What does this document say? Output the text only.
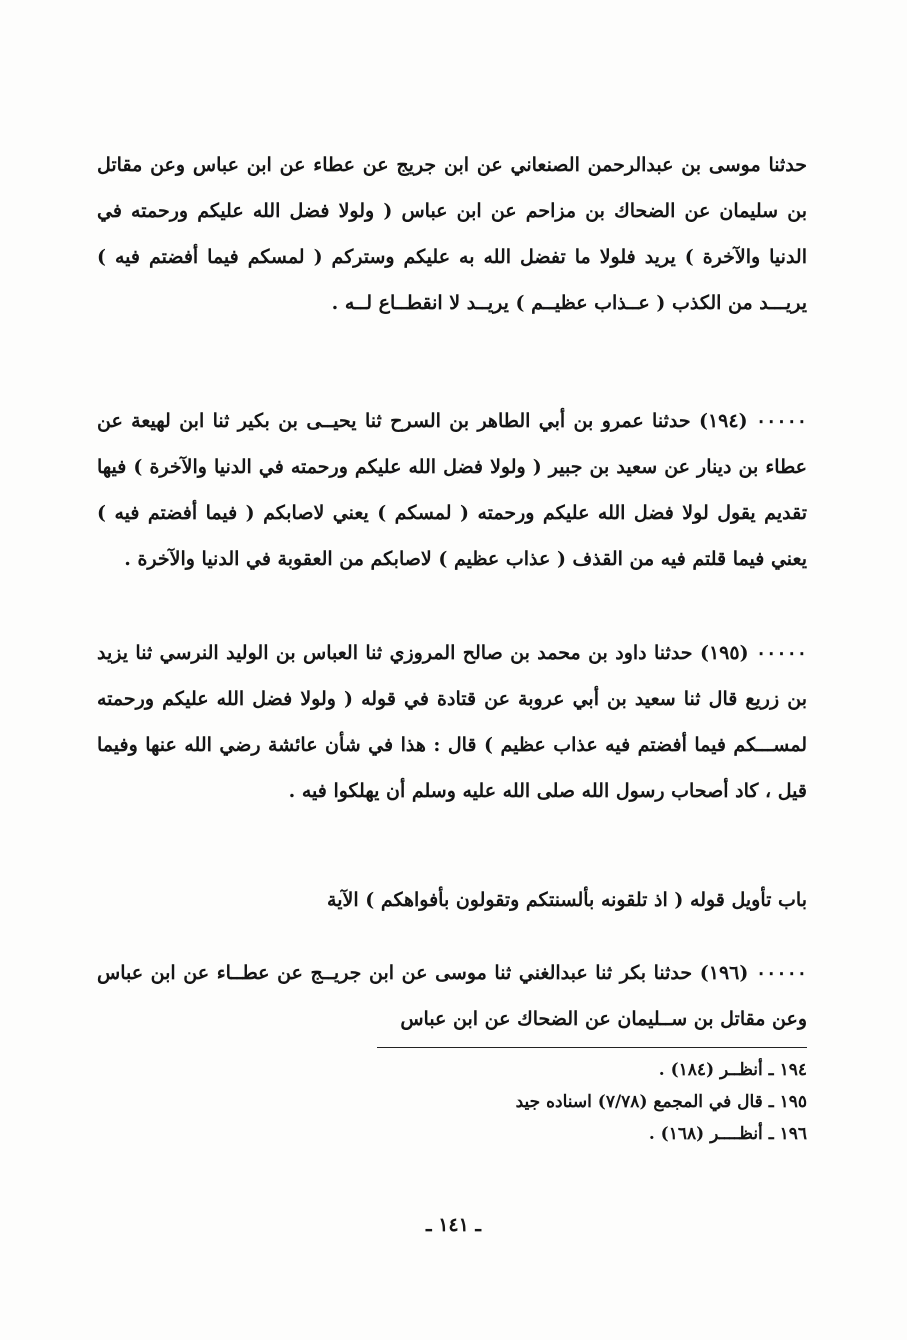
حدثنا موسى بن عبدالرحمن الصنعاني عن ابن جريج عن عطاء عن ابن عباس وعن مقاتل بن سليمان عن الضحاك بن مزاحم عن ابن عباس ( ولولا فضل الله عليكم ورحمته في الدنيا والآخرة ) يريد فلولا ما تفضل الله به عليكم وستركم ( لمسكم فيما أفضتم فيه ) يريـــد من الكذب ( عــذاب عظيــم ) يريــد لا انقطــاع لــه .

٠٠٠٠٠ (١٩٤) حدثنا عمرو بن أبي الطاهر بن السرح ثنا يحيــى بن بكير ثنا ابن لهيعة عن عطاء بن دينار عن سعيد بن جبير ( ولولا فضل الله عليكم ورحمته في الدنيا والآخرة ) فيها تقديم يقول لولا فضل الله عليكم ورحمته ( لمسكم ) يعني لاصابكم ( فيما أفضتم فيه ) يعني فيما قلتم فيه من القذف ( عذاب عظيم ) لاصابكم من العقوبة في الدنيا والآخرة .

٠٠٠٠٠ (١٩٥) حدثنا داود بن محمد بن صالح المروزي ثنا العباس بن الوليد النرسي ثنا يزيد بن زريع قال ثنا سعيد بن أبي عروبة عن قتادة في قوله ( ولولا فضل الله عليكم ورحمته لمســـكم فيما أفضتم فيه عذاب عظيم ) قال : هذا في شأن عائشة رضي الله عنها وفيما قيل ، كاد أصحاب رسول الله صلى الله عليه وسلم أن يهلكوا فيه .

باب تأويل قوله ( اذ تلقونه بألسنتكم وتقولون بأفواهكم ) الآية

٠٠٠٠٠ (١٩٦) حدثنا بكر ثنا عبدالغني ثنا موسى عن ابن جريــج عن عطــاء عن ابن عباس وعن مقاتل بن ســليمان عن الضحاك عن ابن عباس

١٩٤ ـ أنظــر (١٨٤) .
١٩٥ ـ قال في المجمع (٧/٧٨) اسناده جيد
١٩٦ ـ أنظــــر (١٦٨) .
ـ ١٤١ ـ
